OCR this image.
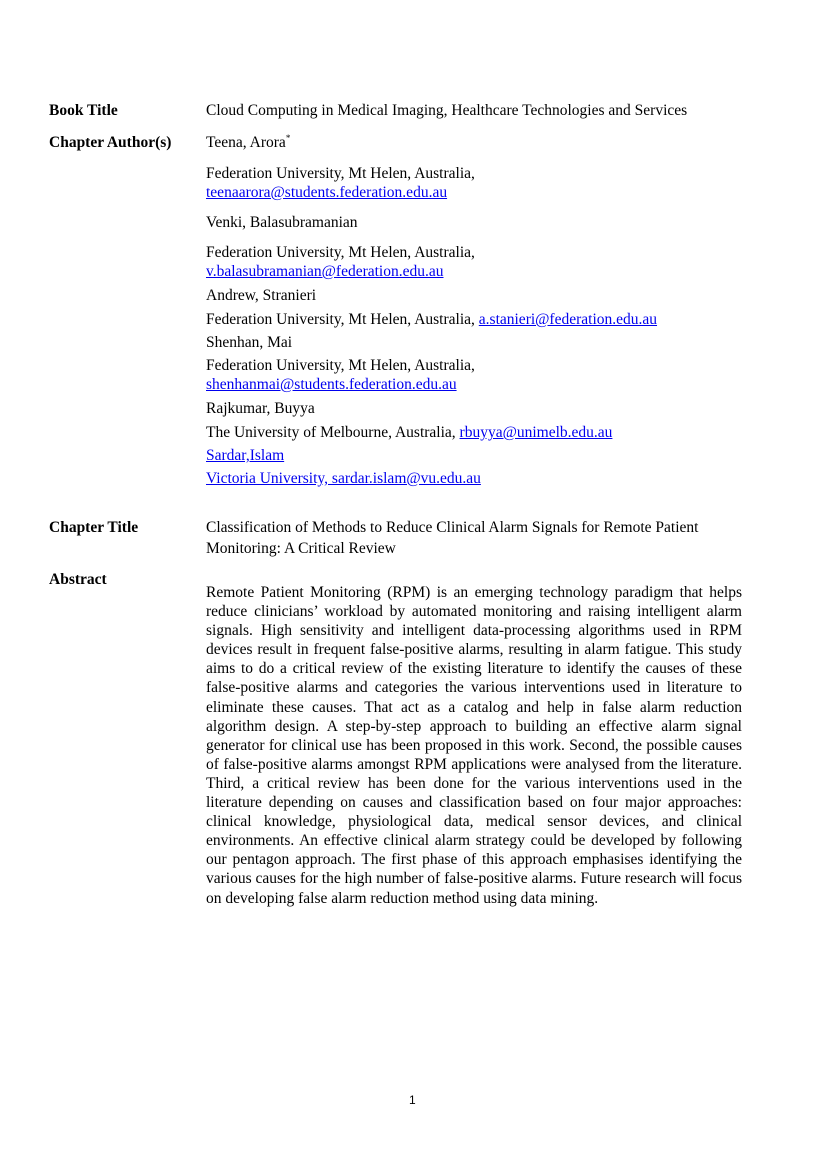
Book Title	Cloud Computing in Medical Imaging, Healthcare Technologies and Services
Chapter Author(s) Teena, Arora*
Federation University, Mt Helen, Australia,
teenaarora@students.federation.edu.au
Venki, Balasubramanian
Federation University, Mt Helen, Australia,
v.balasubramanian@federation.edu.au
Andrew, Stranieri
Federation University, Mt Helen, Australia, a.stanieri@federation.edu.au
Shenhan, Mai
Federation University, Mt Helen, Australia,
shenhanmai@students.federation.edu.au
Rajkumar, Buyya
The University of Melbourne, Australia, rbuyya@unimelb.edu.au
Sardar,Islam
Victoria University, sardar.islam@vu.edu.au
Chapter Title	Classification of Methods to Reduce Clinical Alarm Signals for Remote Patient
Monitoring: A Critical Review
Abstract
Remote Patient Monitoring (RPM) is an emerging technology paradigm that helps reduce clinicians’ workload by automated monitoring and raising intelligent alarm signals. High sensitivity and intelligent data-processing algorithms used in RPM devices result in frequent false-positive alarms, resulting in alarm fatigue. This study aims to do a critical review of the existing literature to identify the causes of these false-positive alarms and categories the various interventions used in literature to eliminate these causes. That act as a catalog and help in false alarm reduction algorithm design. A step-by-step approach to building an effective alarm signal generator for clinical use has been proposed in this work. Second, the possible causes of false-positive alarms amongst RPM applications were analysed from the literature. Third, a critical review has been done for the various interventions used in the literature depending on causes and classification based on four major approaches: clinical knowledge, physiological data, medical sensor devices, and clinical environments. An effective clinical alarm strategy could be developed by following our pentagon approach. The first phase of this approach emphasises identifying the various causes for the high number of false-positive alarms. Future research will focus on developing false alarm reduction method using data mining.
1
